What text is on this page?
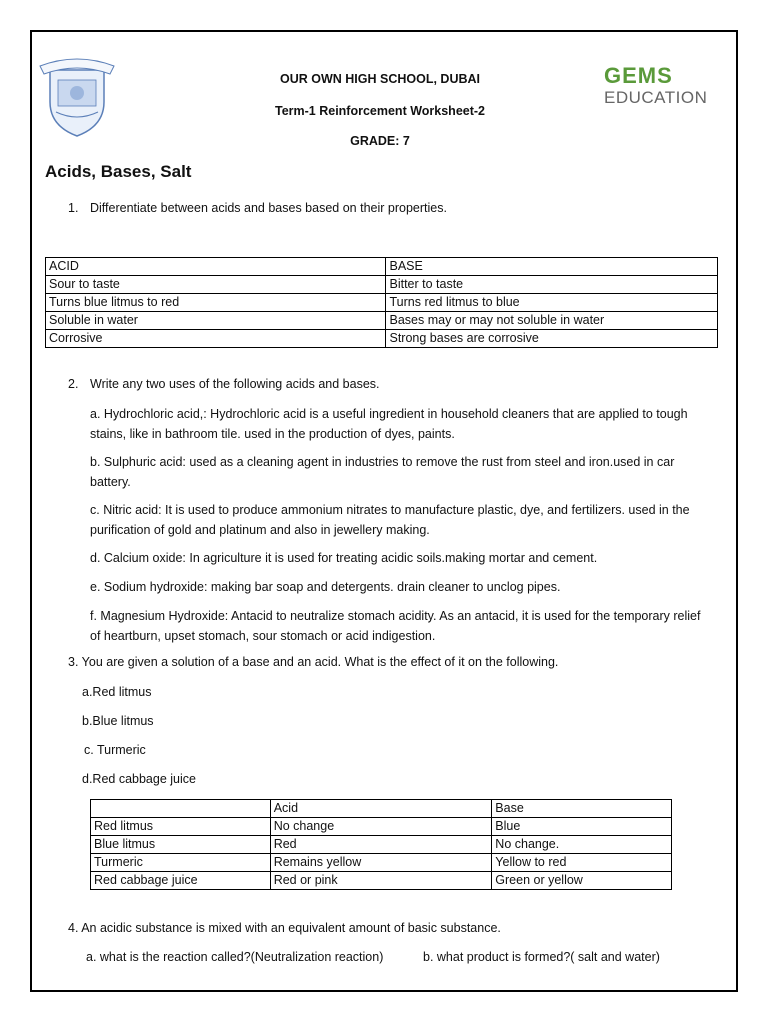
OUR OWN HIGH SCHOOL, DUBAI
Term-1 Reinforcement Worksheet-2
GRADE: 7
GEMS
EDUCATION
Acids, Bases, Salt
1. Differentiate between acids and bases based on their properties.
ACID	BASE
Sour to taste	Bitter to taste
Turns blue litmus to red	Turns red litmus to blue
Soluble in water	Bases may or may not soluble in water
Corrosive	Strong bases are corrosive
2. Write any two uses of the following acids and bases.
a. Hydrochloric acid,: Hydrochloric acid is a useful ingredient in household cleaners that are applied to tough
stains, like in bathroom tile. used in the production of dyes, paints.
b. Sulphuric acid: used as a cleaning agent in industries to remove the rust from steel and iron.used in car
battery.
c. Nitric acid: It is used to produce ammonium nitrates to manufacture plastic, dye, and fertilizers. used in the
purification of gold and platinum and also in jewellery making.
d. Calcium oxide: In agriculture it is used for treating acidic soils.making mortar and cement.
e. Sodium hydroxide: making bar soap and detergents. drain cleaner to unclog pipes.
f. Magnesium Hydroxide: Antacid to neutralize stomach acidity. As an antacid, it is used for the temporary relief
of heartburn, upset stomach, sour stomach or acid indigestion.
3. You are given a solution of a base and an acid. What is the effect of it on the following.
a.Red litmus
b.Blue litmus
c. Turmeric
d.Red cabbage juice
	Acid	Base
Red litmus	No change	Blue
Blue litmus	Red	No change.
Turmeric	Remains yellow	Yellow to red
Red cabbage juice	Red or pink	Green or yellow
4. An acidic substance is mixed with an equivalent amount of basic substance.
a. what is the reaction called?(Neutralization reaction)	b. what product is formed?( salt and water)
